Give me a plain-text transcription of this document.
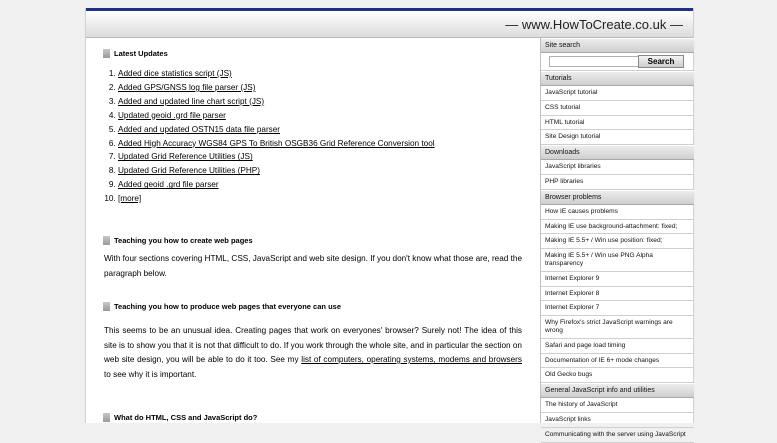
— www.HowToCreate.co.uk —
Latest Updates
1. Added dice statistics script (JS)
2. Added GPS/GNSS log file parser (JS)
3. Added and updated line chart script (JS)
4. Updated geoid .grd file parser
5. Added and updated OSTN15 data file parser
6. Added High Accuracy WGS84 GPS To British OSGB36 Grid Reference Conversion tool
7. Updated Grid Reference Utilities (JS)
8. Updated Grid Reference Utilities (PHP)
9. Added geoid .grd file parser
10. [more]
Teaching you how to create web pages

With four sections covering HTML, CSS, JavaScript and web site design. If you don't know what those are, read the paragraph below.

Teaching you how to produce web pages that everyone can use

This seems to be an unusual idea. Creating pages that work on everyones' browser? Surely not! The idea of this site is to show you that it is not that difficult to do. If you work through the whole site, and in particular the section on web site design, you will be able to do it too. See my list of computers, operating systems, modems and browsers to see why it is important.

What do HTML, CSS and JavaScript do?
Site search
Search
Tutorials
JavaScript tutorial
CSS tutorial
HTML tutorial
Site Design tutorial
Downloads
JavaScript libraries
PHP libraries
Browser problems
How IE causes problems
Making IE use background-attachment: fixed;
Making IE 5.5+ / Win use position: fixed;
Making IE 5.5+ / Win use PNG Alpha transparency
Internet Explorer 9
Internet Explorer 8
Internet Explorer 7
Why Firefox's strict JavaScript warnings are wrong
Safari and page load timing
Documentation of IE 6+ mode changes
Old Gecko bugs
General JavaScript info and utilities
The history of JavaScript
JavaScript links
Communicating with the server using JavaScript
